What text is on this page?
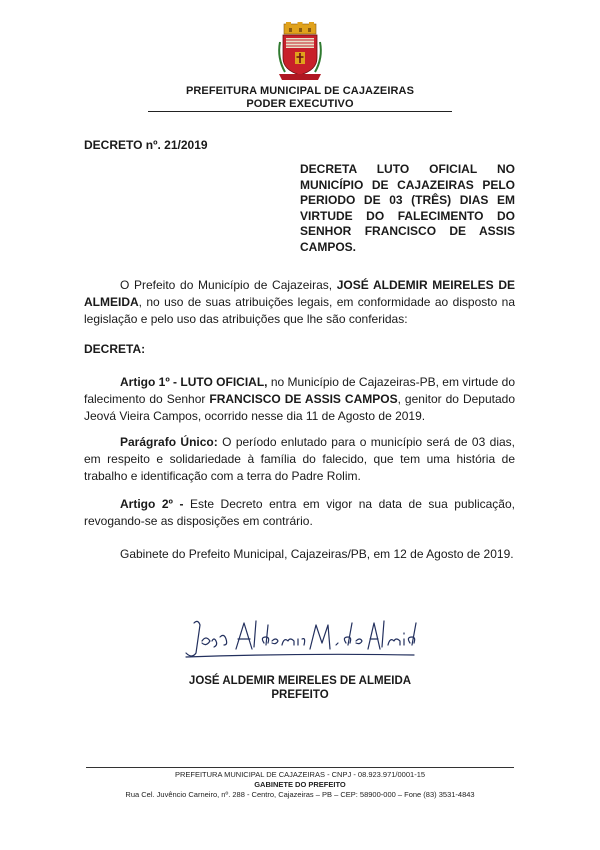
PREFEITURA MUNICIPAL DE CAJAZEIRAS
PODER EXECUTIVO
DECRETO nº. 21/2019
DECRETA LUTO OFICIAL NO MUNICÍPIO DE CAJAZEIRAS PELO PERIODO DE 03 (TRÊS) DIAS EM VIRTUDE DO FALECIMENTO DO SENHOR FRANCISCO DE ASSIS CAMPOS.

O Prefeito do Município de Cajazeiras, JOSÉ ALDEMIR MEIRELES DE ALMEIDA, no uso de suas atribuições legais, em conformidade ao disposto na legislação e pelo uso das atribuições que lhe são conferidas:

DECRETA:

Artigo 1º - LUTO OFICIAL, no Município de Cajazeiras-PB, em virtude do falecimento do Senhor FRANCISCO DE ASSIS CAMPOS, genitor do Deputado Jeová Vieira Campos, ocorrido nesse dia 11 de Agosto de 2019.

Parágrafo Único: O período enlutado para o município será de 03 dias, em respeito e solidariedade à família do falecido, que tem uma história de trabalho e identificação com a terra do Padre Rolim.

Artigo 2º - Este Decreto entra em vigor na data de sua publicação, revogando-se as disposições em contrário.

Gabinete do Prefeito Municipal, Cajazeiras/PB, em 12 de Agosto de 2019.

JOSÉ ALDEMIR MEIRELES DE ALMEIDA
PREFEITO
PREFEITURA MUNICIPAL DE CAJAZEIRAS - CNPJ - 08.923.971/0001-15
GABINETE DO PREFEITO
Rua Cel. Juvêncio Carneiro, nº. 288 - Centro, Cajazeiras – PB – CEP: 58900-000 – Fone (83) 3531-4843
